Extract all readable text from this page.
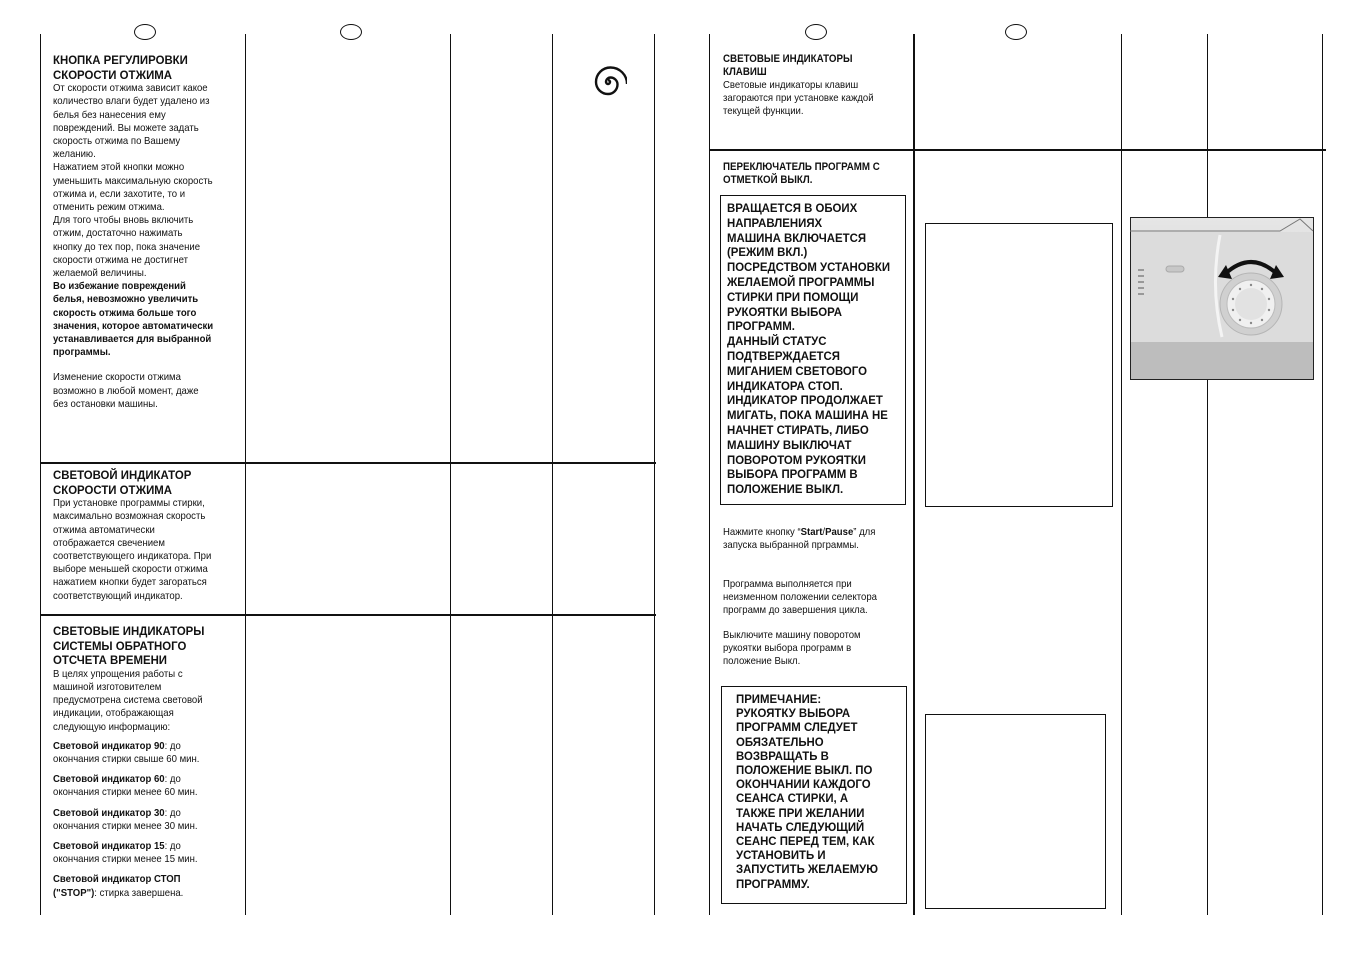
КНОПКА РЕГУЛИРОВКИ СКОРОСТИ ОТЖИМА

От скорости отжима зависит какое

количество влаги будет удалено из

белья без нанесения ему

повреждений. Вы можете задать

скорость отжима по Вашему

желанию.

Нажатием этой кнопки можно

уменьшить максимальную скорость

отжима и, если захотите, то и

отменить режим отжима.

Для того чтобы вновь включить

отжим, достаточно нажимать

кнопку до тех пор, пока значение

скорости отжима не достигнет

желаемой величины.

Во избежание повреждений

белья, невозможно увеличить

скорость отжима больше того

значения, которое автоматически

устанавливается для выбранной

программы.

Изменение скорости отжима

возможно в любой момент, даже

без остановки машины.

СВЕТОВОЙ ИНДИКАТОР СКОРОСТИ ОТЖИМА

При установке программы стирки,

максимально возможная скорость

отжима автоматически

отображается свечением

соответствующего индикатора. При

выборе меньшей скорости отжима

нажатием кнопки будет загораться

соответствующий индикатор.

СВЕТОВЫЕ ИНДИКАТОРЫ СИСТЕМЫ ОБРАТНОГО ОТСЧЕТА ВРЕМЕНИ

В целях упрощения работы с

машиной изготовителем

предусмотрена система световой

индикации, отображающая

следующую информацию:

Световой индикатор 90: до

окончания стирки свыше 60 мин.

Световой индикатор 60: до

окончания стирки менее 60 мин.

Световой индикатор 30: до

окончания стирки менее 30 мин.

Световой индикатор 15: до

окончания стирки менее 15 мин.

Световой индикатор СТОП

("STOP"): стирка завершена.

СВЕТОВЫЕ ИНДИКАТОРЫ КЛАВИШ

Световые индикаторы клавиш

загораются при установке каждой

текущей функции.

ПЕРЕКЛЮЧАТЕЛЬ ПРОГРАММ С ОТМЕТКОЙ ВЫКЛ.

ВРАЩАЕТСЯ В ОБОИХ

НАПРАВЛЕНИЯХ

МАШИНА ВКЛЮЧАЕТСЯ

(РЕЖИМ ВКЛ.)

ПОСРЕДСТВОМ УСТАНОВКИ

ЖЕЛАЕМОЙ ПРОГРАММЫ

СТИРКИ ПРИ ПОМОЩИ

РУКОЯТКИ ВЫБОРА

ПРОГРАММ.

ДАННЫЙ СТАТУС

ПОДТВЕРЖДАЕТСЯ

МИГАНИЕМ СВЕТОВОГО

ИНДИКАТОРА СТОП.

ИНДИКАТОР ПРОДОЛЖАЕТ

МИГАТЬ, ПОКА МАШИНА НЕ

НАЧНЕТ СТИРАТЬ, ЛИБО

МАШИНУ ВЫКЛЮЧАТ

ПОВОРОТОМ РУКОЯТКИ

ВЫБОРА ПРОГРАММ В

ПОЛОЖЕНИЕ ВЫКЛ.

Нажмите кнопку “Start/Pause” для

запуска выбранной прграммы.

Программа выполняется при

неизменном положении селектора

программ до завершения цикла.

Выключите машину поворотом

рукоятки выбора программ в

положение Выкл.

ПРИМЕЧАНИЕ:

РУКОЯТКУ ВЫБОРА

ПРОГРАММ СЛЕДУЕТ

ОБЯЗАТЕЛЬНО

ВОЗВРАЩАТЬ В

ПОЛОЖЕНИЕ ВЫКЛ. ПО

ОКОНЧАНИИ КАЖДОГО

СЕАНСА СТИРКИ, А

ТАКЖЕ ПРИ ЖЕЛАНИИ

НАЧАТЬ СЛЕДУЮЩИЙ

СЕАНС ПЕРЕД ТЕМ, КАК

УСТАНОВИТЬ И

ЗАПУСТИТЬ ЖЕЛАЕМУЮ

ПРОГРАММУ.
